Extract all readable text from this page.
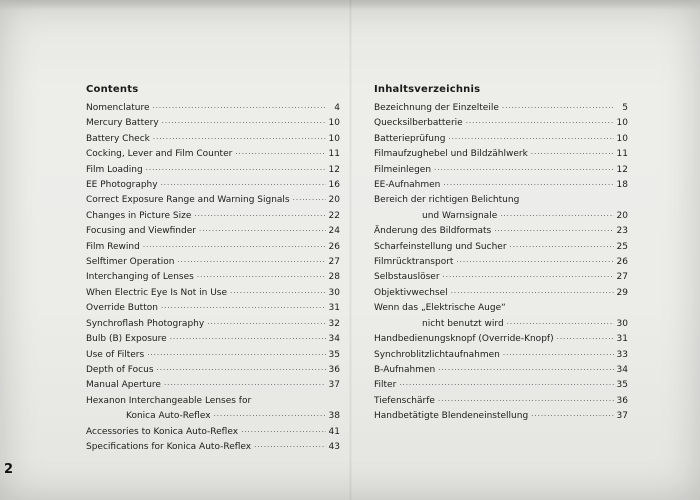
Contents
Nomenclature ·····	4
Mercury Battery ·····	10
Battery Check ·····	10
Cocking, Lever and Film Counter ·····	11
Film Loading ·····	12
EE Photography ·····	16
Correct Exposure Range and Warning Signals ·····	20
Changes in Picture Size ·····	22
Focusing and Viewfinder ·····	24
Film Rewind ·····	26
Selftimer Operation ·····	27
Interchanging of Lenses ·····	28
When Electric Eye Is Not in Use ·····	30
Override Button ·····	31
Synchroflash Photography ·····	32
Bulb (B) Exposure ·····	34
Use of Filters ·····	35
Depth of Focus ·····	36
Manual Aperture ·····	37
Hexanon Interchangeable Lenses for
Konica Auto-Reflex ·····	38
Accessories to Konica Auto-Reflex ·····	41
Specifications for Konica Auto-Reflex ·····	43
Inhaltsverzeichnis
Bezeichnung der Einzelteile ·····	5
Quecksilberbatterie ·····	10
Batterieprüfung ·····	10
Filmaufzughebel und Bildzählwerk ·····	11
Filmeinlegen ·····	12
EE-Aufnahmen ·····	18
Bereich der richtigen Belichtung
und Warnsignale ·····	20
Änderung des Bildformats ·····	23
Scharfeinstellung und Sucher ·····	25
Filmrücktransport ·····	26
Selbstauslöser ·····	27
Objektivwechsel ·····	29
Wenn das „Elektrische Auge“
nicht benutzt wird ·····	30
Handbedienungsknopf (Override-Knopf) ·····	31
Synchroblitzlichtaufnahmen ·····	33
B-Aufnahmen ·····	34
Filter ·····	35
Tiefenschärfe ·····	36
Handbetätigte Blendeneinstellung ·····	37
2
